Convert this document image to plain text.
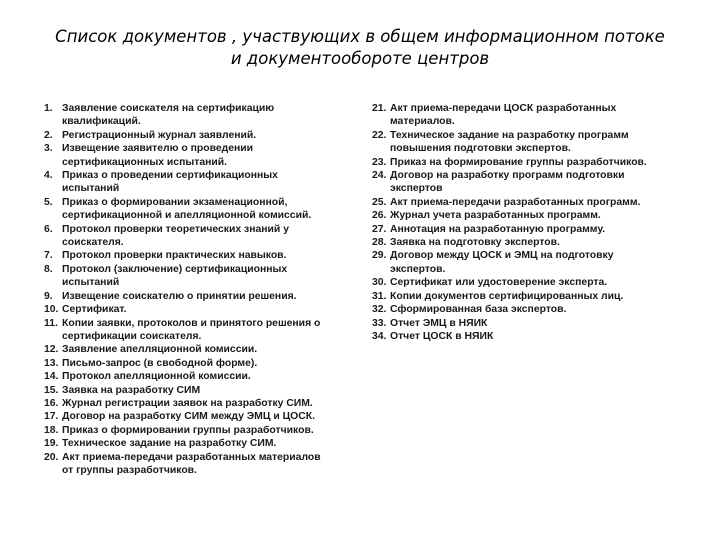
Список документов , участвующих в общем информационном потоке
и документообороте центров
1. Заявление соискателя на сертификацию
квалификаций.
2. Регистрационный журнал заявлений.
3. Извещение заявителю о проведении
сертификационных испытаний.
4. Приказ о проведении сертификационных
испытаний
5. Приказ о формировании экзаменационной,
сертификационной и апелляционной комиссий.
6. Протокол проверки теоретических знаний у
соискателя.
7. Протокол проверки практических навыков.
8. Протокол (заключение) сертификационных
испытаний
9. Извещение соискателю о принятии решения.
10. Сертификат.
11. Копии заявки, протоколов и принятого решения о
сертификации соискателя.
12. Заявление апелляционной комиссии.
13. Письмо-запрос (в свободной форме).
14. Протокол апелляционной комиссии.
15. Заявка на разработку СИМ
16. Журнал регистрации заявок на разработку СИМ.
17. Договор на разработку СИМ между ЭМЦ и ЦОСК.
18. Приказ о формировании группы разработчиков.
19. Техническое задание на разработку СИМ.
20. Акт приема-передачи разработанных материалов
от группы разработчиков.
21. Акт приема-передачи ЦОСК разработанных
материалов.
22. Техническое задание на разработку программ
повышения подготовки экспертов.
23. Приказ на формирование группы разработчиков.
24. Договор на разработку программ подготовки
экспертов
25. Акт приема-передачи разработанных программ.
26. Журнал учета разработанных программ.
27. Аннотация на разработанную программу.
28. Заявка на подготовку экспертов.
29. Договор между ЦОСК и ЭМЦ на подготовку
экспертов.
30. Сертификат или удостоверение эксперта.
31. Копии документов сертифицированных лиц.
32. Сформированная база экспертов.
33. Отчет ЭМЦ в НЯИК
34. Отчет ЦОСК в НЯИК
